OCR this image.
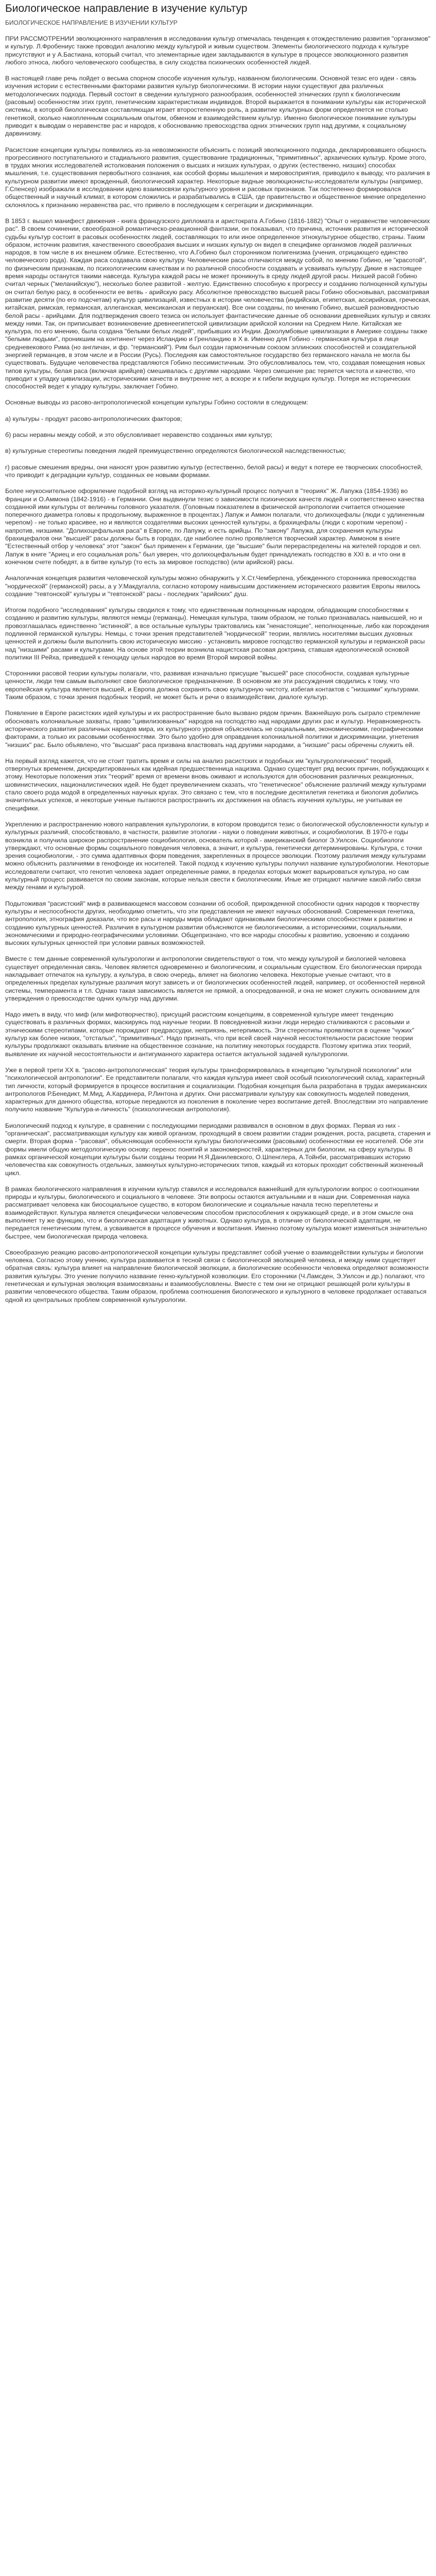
Биологическое направление в изучение культур
БИОЛОГИЧЕСКОЕ НАПРАВЛЕНИЕ В ИЗУЧЕНИИ КУЛЬТУР

ПРИ РАССМОТРЕНИИ эволюционного направления в исследовании культур отмечалась тенденция к отождествлению развития "организмов" и культур. Л.Фробениус также проводил аналогию между культурой и живым существом. Элементы биологического подхода к культуре присутствуют и у А.Бастиана, который считал, что элементарные идеи закладываются в культуре в процессе эволюционного развития любого этноса, любого человеческого сообщества, в силу сходства психических особенностей людей.

В настоящей главе речь пойдет о весьма спорном способе изучения культур, названном биологическим. Основной тезис его идеи - связь изучения истории с естественными факторами развития культур биологическими. В истории науки существуют два различных методологических подхода. Первый состоит в сведении культурного разнообразия, особенностей этнических групп к биологическим (расовым) особенностям этих групп, генетическим характеристикам индивидов. Второй выражается в понимании культуры как исторической системы, в которой биологическая составляющая играет второстепенную роль, а развитие культурных форм определяется не столько генетикой, сколько накопленным социальным опытом, обменом и взаимодействием культур. Именно биологическое понимание культуры приводит к выводам о неравенстве рас и народов, к обоснованию превосходства одних этнических групп над другими, к социальному дарвинизму.

Расистские концепции культуры появились из-за невозможности объяснить с позиций эволюционного подхода, декларировавшего общность прогрессивного поступательного и стадиального развития, существование традиционных, "примитивных", архаических культур. Кроме этого, в трудах многих исследователей истолкования положения о высших и низших культурах, о других (естественно, низших) способах мышления, т.е. существования первобытного сознания, как особой формы мышления и мировосприятия, приводило к выводу, что различия в культурном развитии имеют врожденный, биологический характер. Некоторые видные эволюционисты-исследователи культуры (например, Г.Спенсер) изображали в исследовании идею взаимосвязи культурного уровня и расовых признаков. Так постепенно формировался общественный и научный климат, в котором сложились и разрабатывались в США, где правительство и общественное мнение определенно склонялось к признанию неравенства рас, что привело в последующем к сегрегации и дискриминации.

В 1853 г. вышел манифест движения - книга французского дипломата и аристократа А.Гобино (1816-1882) "Опыт о неравенстве человеческих рас". В своем сочинении, своеобразной романтическо-реакционной фантазии, он показывал, что причина, источник развития и исторической судьбы культур состоит в расовых особенностях людей, составляющих то или иное определенное этнокультурное общество, страны. Таким образом, источник развития, качественного своеобразия высших и низших культур он видел в специфике организмов людей различных народов, в том числе в их внешнем облике. Естественно, что А.Гобино был сторонником полигенизма (учения, отрицающего единство человеческого рода). Каждая раса создавала свою культуру. Человеческие расы отличаются между собой, по мнению Гобино, не "красотой", по физическим признакам, по психологическим качествам и по различной способности создавать и усваивать культуру. Дикие в настоящее время народы останутся такими навсегда. Культура каждой расы не может проникнуть в среду людей другой расы. Низшей расой Гобино считал черных ("меланийскую"), несколько более развитой - желтую. Единственно способную к прогрессу и созданию полноценной культуры он считал белую расу, в особенности ее ветвь - арийскую расу. Абсолютное превосходство высшей расы Гобино обосновывал, рассматривая развитие десяти (по его подсчетам) культур цивилизаций, известных в истории человечества (индийская, египетская, ассирийская, греческая, китайская, римская, германская, аллеганская, мексиканская и перуанская). Все они созданы, по мнению Гобино, высшей разновидностью белой расы - арийцами. Для подтверждения своего тезиса он использует фантастические данные об основании древнейших культур и связях между ними. Так, он приписывает возникновение древнеегипетской цивилизации арийской колонии на Среднем Ниле. Китайская же культура, по его мнению, была создана "белыми белых людей", прибывших из Индии. Доколумбовые цивилизации в Америке созданы также "белыми людьми", проникшим на континент через Исландию и Гренландию в X в. Именно для Гобино - германская культура в лице средневекового Рима (но англичан, и фр. "германский"). Рим был создан гармоничным союзом эллинских способностей и созидательной энергией германцев, в этом числе и в России (Русь). Последняя как самостоятельное государство без германского начала не могла бы существовать. Будущие человечества представляются Гобино пессимистичным. Это обусловливалось тем, что, создавая помещения новых типов культуры, белая раса (включая арийцев) смешивалась с другими народами. Через смешение рас теряется чистота и качество, что приводит к упадку цивилизации, историческими качеств и внутренне нет, а вскоре и к гибели ведущих культур. Потеря же исторических способностей ведет к упадку культуры, заключает Гобино.

Основные выводы из расово-антропологической концепции культуры Гобино состояли в следующем:

а) культуры - продукт расово-антропологических факторов;

б) расы неравны между собой, и это обусловливает неравенство созданных ими культур;

в) культурные стереотипы поведения людей преимущественно определяются биологической наследственностью;

г) расовые смешения вредны, они наносят урон развитию культур (естественно, белой расы) и ведут к потере ее творческих способностей, что приводит к деградации культур, созданных ее новыми формами.

Более неукоснительное оформление подобной взгляд на историко-культурный процесс получил в "теориях" Ж. Лапужа (1854-1936) во Франции и О.Аммона (1842-1916) - в Германии. Они выдвинули тезис о зависимости психических качеств людей и соответственно качества созданной ими культуры от величины головного указателя. (Головным показателем в физической антропологии считается отношение поперечного диаметра головы к продольному, выраженное в процентах.) Лапуж и Аммон полагали, что долихоцефалы (люди с удлиненным черепом) - не только красивее, но и являются создателями высоких ценностей культуры, а брахицефалы (люди с коротким черепом) - напротив, низшими. "Долихоцефальная раса" в Европе, по Лапужу, и есть арийцы. По "закону" Лапужа, для сохранения культуры брахицефалов они "высшей" расы должны быть в городах, где наиболее полно проявляется творческий характер. Аммоном в книге "Естественный отбор у человека" этот "закон" был применен к Германии, где "высшие" были перераспределены на жителей городов и сел. Лапуж в книге "Ариец и его социальная роль" был уверен, что долихоцефальным будет принадлежать господство в XXI в. и что они в конечном счете победят, а в битве культур (то есть за мировое господство) (или арийской) расы.

Аналогичная концепция развития человеческой культуры можно обнаружить у Х.Ст.Чемберлена, убежденного сторонника превосходства "нордической" (германской) расы, а у У.Макдугалла, согласно которому наивысшим достижением исторического развития Европы явилось создание "тевтонской" культуры и "тевтонской" расы - последних "арийских" душ.

Итогом подобного "исследования" культуры сводился к тому, что единственным полноценным народом, обладающим способностями к созданию и развитию культуры, являются немцы (германцы). Немецкая культура, таким образом, не только признавалась наивысшей, но и провозглашалась единственно "истинной", а все остальные культуры трактовались как "ненастоящие", неполноценные, либо как порождения подлинной германской культуры. Немцы, с точки зрения представителей "нордической" теории, являлись носителями высших духовных ценностей и должны были выполнить свою историческую миссию - установить мировое господство германской культуры и германской расы над "низшими" расами и культурами. На основе этой теории возникла нацистская расовая доктрина, ставшая идеологической основой политики III Рейха, приведшей к геноциду целых народов во время Второй мировой войны.

Сторонники расовой теории культуры полагали, что, развивая изначально присущие "высшей" расе способности, создавая культурные ценности, люди тем самым выполняют свое биологическое предназначение. В основном же эти рассуждения сводились к тому, что европейская культура является высшей, и Европа должна сохранять свою культурную чистоту, избегая контактов с "низшими" культурами. Таким образом, с точки зрения подобных теорий, не может быть и речи о взаимодействии, диалоге культур.

Появление в Европе расистских идей культуры и их распространение было вызвано рядом причин. Важнейшую роль сыграло стремление обосновать колониальные захваты, право "цивилизованных" народов на господство над народами других рас и культур. Неравномерность исторического развития различных народов мира, их культурного уровня объяснялась не социальными, экономическими, географическими факторами, а только их расовыми особенностями. Это было удобно для оправдания колониальной политики и дискриминации, угнетения "низших" рас. Было объявлено, что "высшая" раса призвана властвовать над другими народами, а "низшие" расы обречены служить ей.

На первый взгляд кажется, что не стоит тратить время и силы на анализ расистских и подобных им "культурологических" теорий, отвергнутых временем, дискредитированных как идейная предшественница нацизма. Однако существует ряд веских причин, побуждающих к этому. Некоторые положения этих "теорий" время от времени вновь оживают и используются для обоснования различных реакционных, шовинистических, националистических идей. Не будет преувеличением сказать, что "генетическое" объяснение различий между культурами стало своего рода модой в определенных научных кругах. Это связано с тем, что в последние десятилетия генетика и биология добились значительных успехов, и некоторые ученые пытаются распространить их достижения на область изучения культуры, не учитывая ее специфики.

Укреплению и распространению нового направления культурологии, в котором проводится тезис о биологической обусловленности культур и культурных различий, способствовало, в частности, развитие этологии - науки о поведении животных, и социобиологии. В 1970-е годы возникла и получила широкое распространение социобиология, основатель которой - американский биолог Э.Уилсон. Социобиологи утверждают, что основные формы социального поведения человека, а значит, и культура, генетически детерминированы. Культура, с точки зрения социобиологии, - это сумма адаптивных форм поведения, закрепленных в процессе эволюции. Поэтому различия между культурами можно объяснить различиями в генофонде их носителей. Такой подход к изучению культуры получил название культуробиологии. Некоторые исследователи считают, что генотип человека задает определенные рамки, в пределах которых может варьироваться культура, но сам культурный процесс развивается по своим законам, которые нельзя свести к биологическим. Иные же отрицают наличие какой-либо связи между генами и культурой.

Подытоживая "расистский" миф в развивающемся массовом сознании об особой, прирожденной способности одних народов к творчеству культуры и неспособности других, необходимо отметить, что эти представления не имеют научных обоснований. Современная генетика, антропология, этнография доказали, что все расы и народы мира обладают одинаковыми биологическими способностями к развитию и созданию культурных ценностей. Различия в культурном развитии объясняются не биологическими, а историческими, социальными, экономическими и природно-географическими условиями. Общепризнано, что все народы способны к развитию, усвоению и созданию высоких культурных ценностей при условии равных возможностей.

Вместе с тем данные современной культурологии и антропологии свидетельствуют о том, что между культурой и биологией человека существует определенная связь. Человек является одновременно и биологическим, и социальным существом. Его биологическая природа накладывает отпечаток на культуру, а культура, в свою очередь, влияет на биологию человека. Некоторые ученые считают, что в определенных пределах культурные различия могут зависеть и от биологических особенностей людей, например, от особенностей нервной системы, темперамента и т.п. Однако такая зависимость является не прямой, а опосредованной, и она не может служить основанием для утверждения о превосходстве одних культур над другими.

Надо иметь в виду, что миф (или мифотворчество), присущий расистским концепциям, в современной культуре имеет тенденцию существовать в различных формах, маскируясь под научные теории. В повседневной жизни люди нередко сталкиваются с расовыми и этническими стереотипами, которые порождают предрассудки, неприязнь, нетерпимость. Эти стереотипы проявляются в оценке "чужих" культур как более низких, "отсталых", "примитивных". Надо признать, что при всей своей научной несостоятельности расистские теории культуры продолжают оказывать влияние на общественное сознание, на политику некоторых государств. Поэтому критика этих теорий, выявление их научной несостоятельности и антигуманного характера остается актуальной задачей культурологии.

Уже в первой трети ХХ в. "расово-антропологическая" теория культуры трансформировалась в концепцию "культурной психологии" или "психологической антропологии". Ее представители полагали, что каждая культура имеет свой особый психологический склад, характерный тип личности, который формируется в процессе воспитания и социализации. Подобная концепция была разработана в трудах американских антропологов Р.Бенедикт, М.Мид, А.Кардинера, Р.Линтона и других. Они рассматривали культуру как совокупность моделей поведения, характерных для данного общества, которые передаются из поколения в поколение через воспитание детей. Впоследствии это направление получило название "Культура-и-личность" (психологическая антропология).

Биологический подход к культуре, в сравнении с последующими периодами развивался в основном в двух формах. Первая из них - "органическая", рассматривающая культуру как живой организм, проходящий в своем развитии стадии рождения, роста, расцвета, старения и смерти. Вторая форма - "расовая", объясняющая особенности культуры биологическими (расовыми) особенностями ее носителей. Обе эти формы имели общую методологическую основу: перенос понятий и закономерностей, характерных для биологии, на сферу культуры. В рамках органической концепции культуры были созданы теории Н.Я.Данилевского, О.Шпенглера, А.Тойнби, рассматривавших историю человечества как совокупность отдельных, замкнутых культурно-исторических типов, каждый из которых проходит собственный жизненный цикл.

В рамках биологического направления в изучении культур ставился и исследовался важнейший для культурологии вопрос о соотношении природы и культуры, биологического и социального в человеке. Эти вопросы остаются актуальными и в наши дни. Современная наука рассматривает человека как биосоциальное существо, в котором биологические и социальные начала тесно переплетены и взаимодействуют. Культура является специфически человеческим способом приспособления к окружающей среде, и в этом смысле она выполняет ту же функцию, что и биологическая адаптация у животных. Однако культура, в отличие от биологической адаптации, не передается генетическим путем, а усваивается в процессе обучения и воспитания. Именно поэтому культура может изменяться значительно быстрее, чем биологическая природа человека.

Своеобразную реакцию расово-антропологической концепции культуры представляет собой учение о взаимодействии культуры и биологии человека. Согласно этому учению, культура развивается в тесной связи с биологической эволюцией человека, и между ними существует обратная связь: культура влияет на направление биологической эволюции, а биологические особенности человека определяют возможности развития культуры. Это учение получило название генно-культурной коэволюции. Его сторонники (Ч.Ламсден, Э.Уилсон и др.) полагают, что генетическая и культурная эволюция взаимосвязаны и взаимообусловлены. Вместе с тем они не отрицают решающей роли культуры в развитии человеческого общества. Таким образом, проблема соотношения биологического и культурного в человеке продолжает оставаться одной из центральных проблем современной культурологии.
